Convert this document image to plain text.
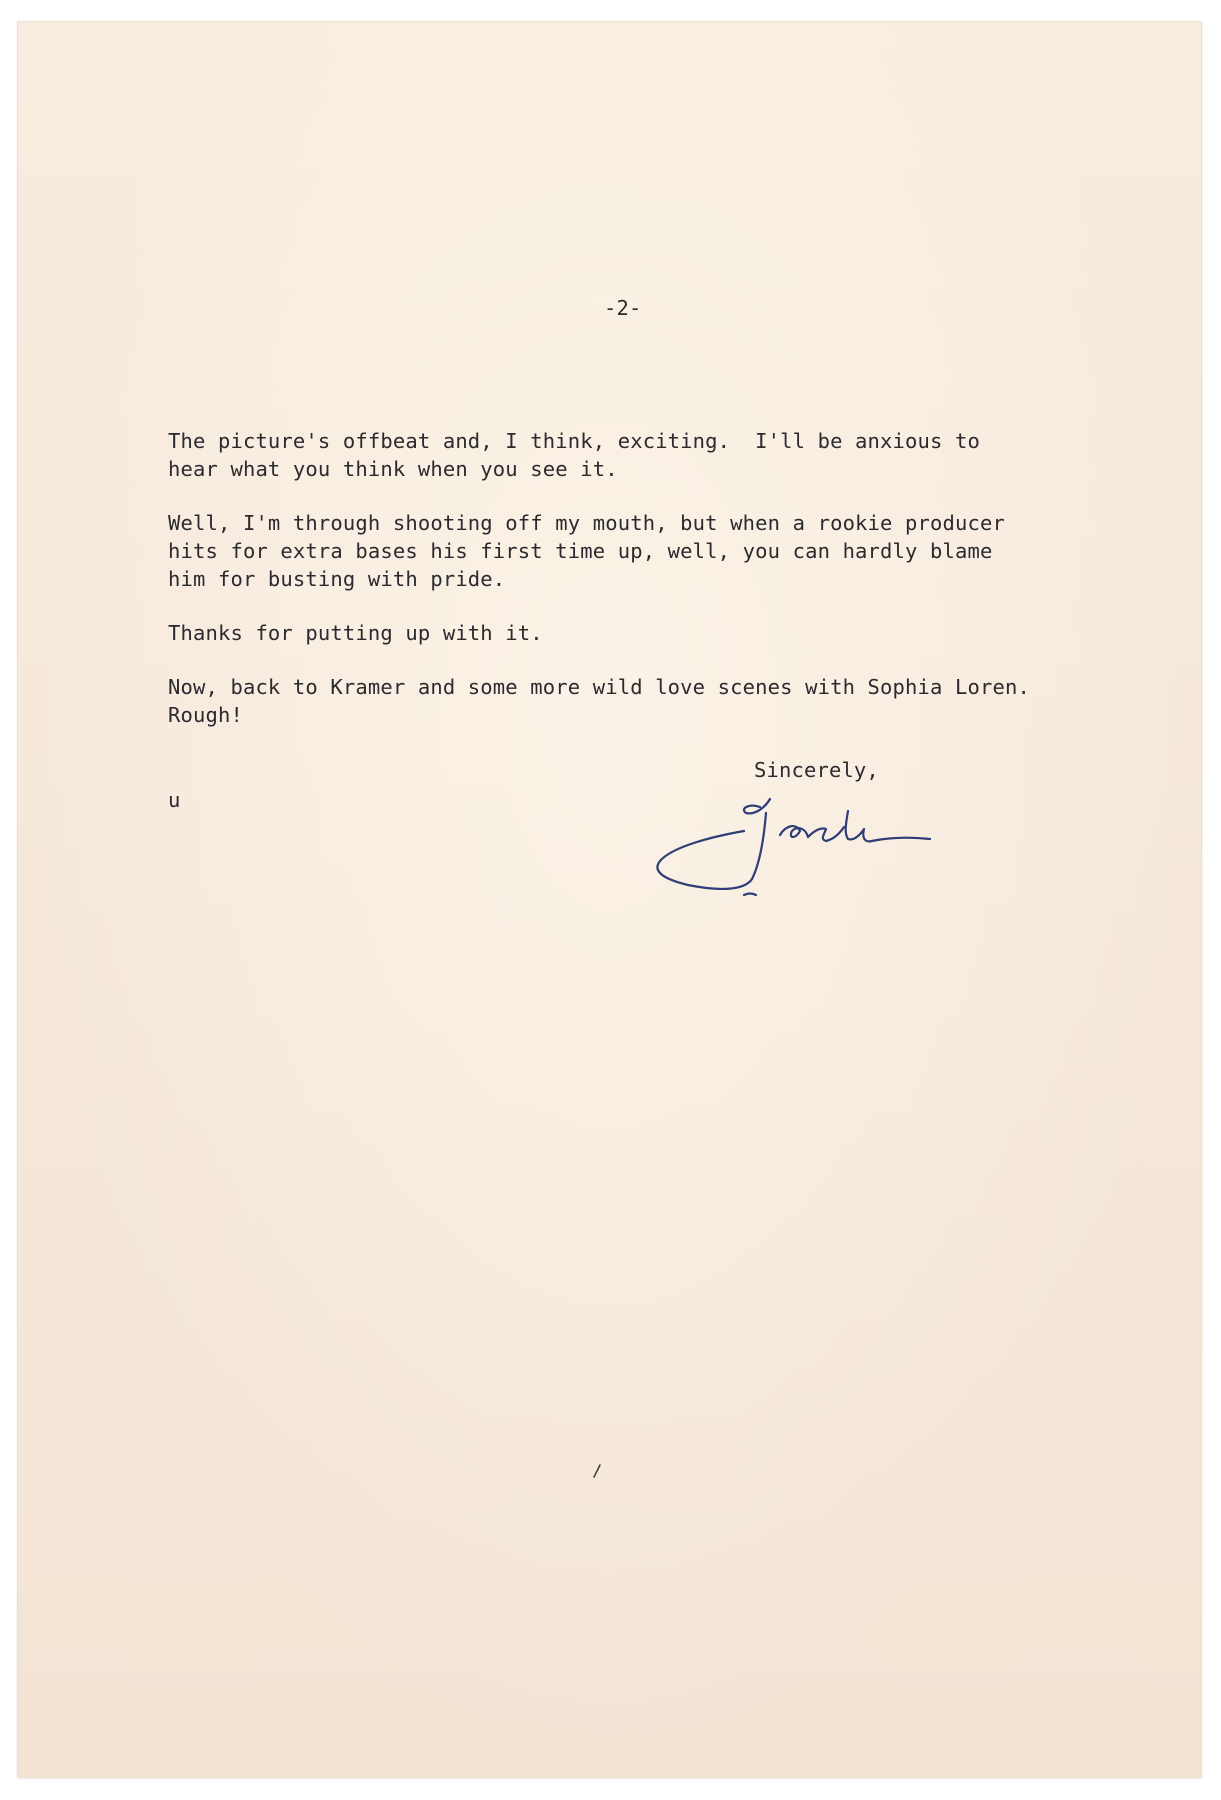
-2-

The picture's offbeat and, I think, exciting.  I'll be anxious to

hear what you think when you see it.

Well, I'm through shooting off my mouth, but when a rookie producer

hits for extra bases his first time up, well, you can hardly blame

him for busting with pride.

Thanks for putting up with it.

Now, back to Kramer and some more wild love scenes with Sophia Loren.

Rough!

Sincerely,

u
